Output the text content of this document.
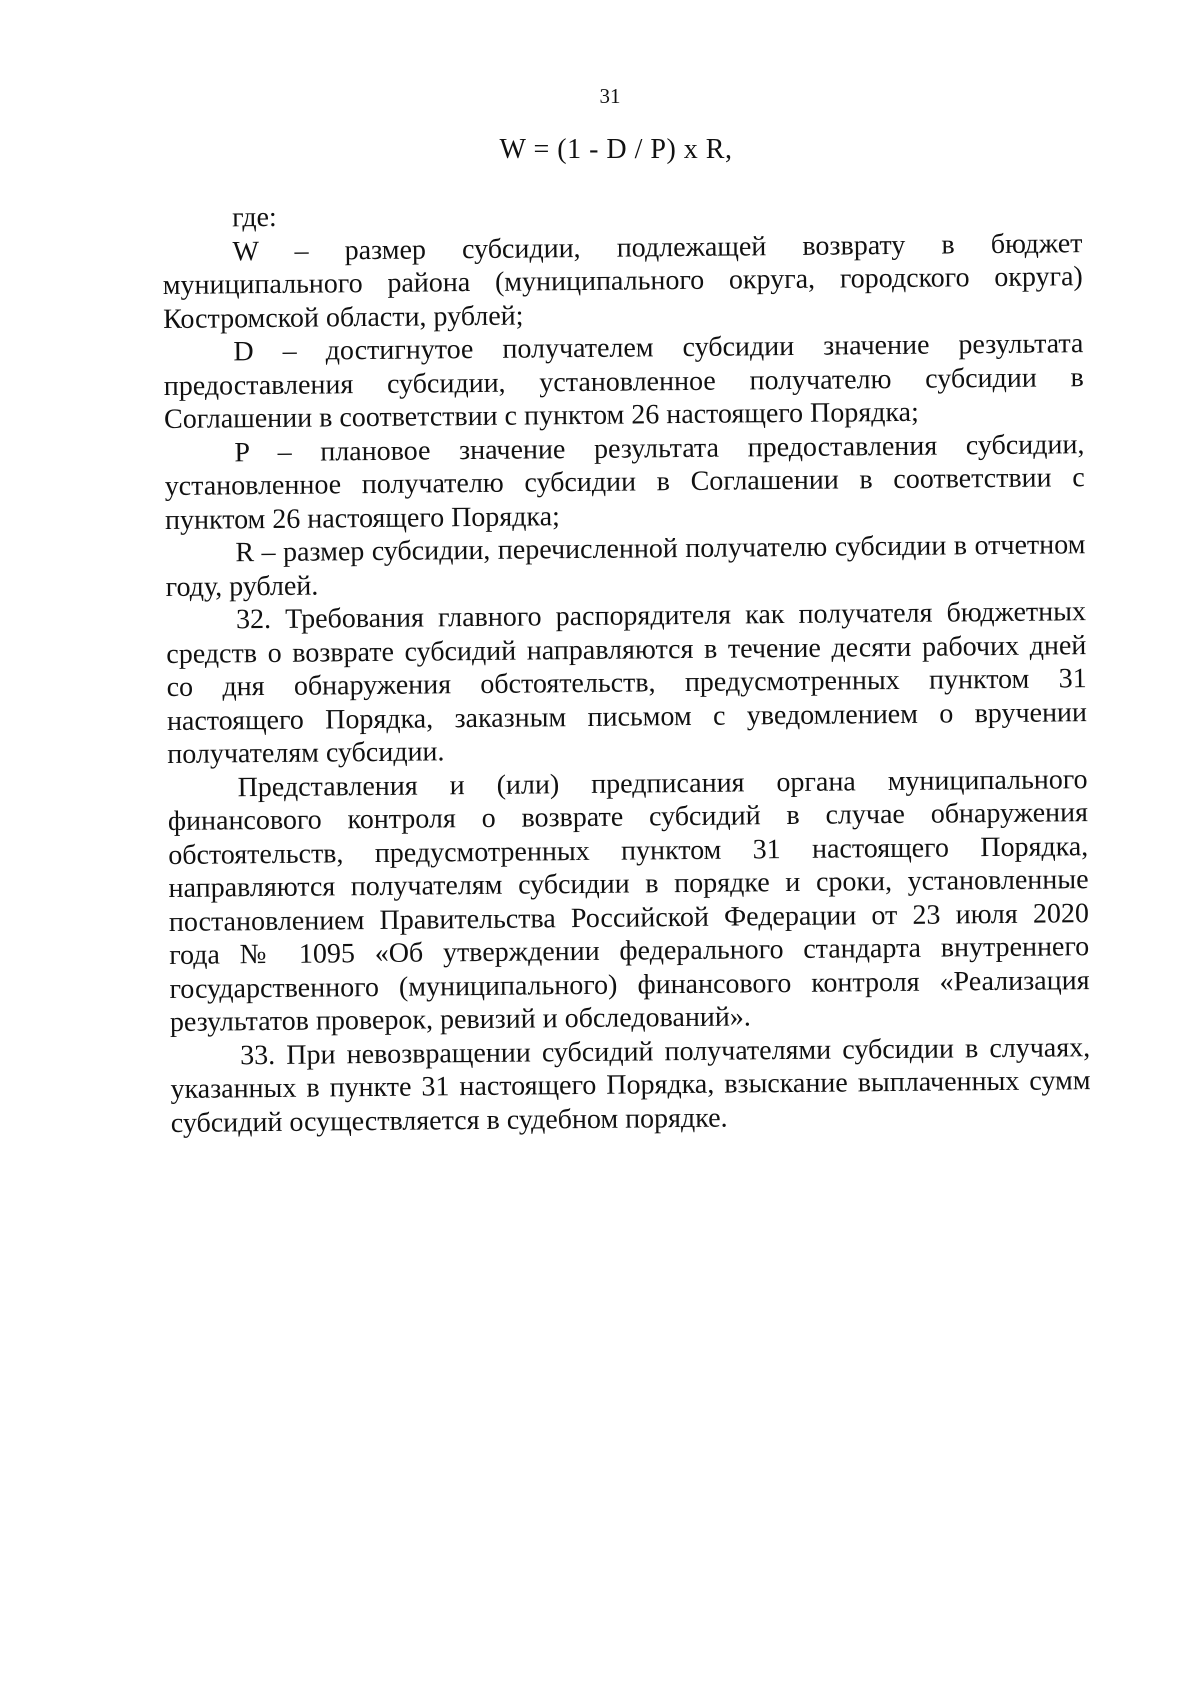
31
W = (1 - D / P) x R,

где:

W – размер субсидии, подлежащей возврату в бюджет муниципального района (муниципального округа, городского округа) Костромской области, рублей;

D – достигнутое получателем субсидии значение результата предоставления субсидии, установленное получателю субсидии в Соглашении в соответствии с пунктом 26 настоящего Порядка;

P – плановое значение результата предоставления субсидии, установленное получателю субсидии в Соглашении в соответствии с пунктом 26 настоящего Порядка;

R – размер субсидии, перечисленной получателю субсидии в отчетном году, рублей.

32. Требования главного распорядителя как получателя бюджетных средств о возврате субсидий направляются в течение десяти рабочих дней со дня обнаружения обстоятельств, предусмотренных пунктом 31 настоящего Порядка, заказным письмом с уведомлением о вручении получателям субсидии.

Представления и (или) предписания органа муниципального финансового контроля о возврате субсидий в случае обнаружения обстоятельств, предусмотренных пунктом 31 настоящего Порядка, направляются получателям субсидии в порядке и сроки, установленные постановлением Правительства Российской Федерации от 23 июля 2020 года № 1095 «Об утверждении федерального стандарта внутреннего государственного (муниципального) финансового контроля «Реализация результатов проверок, ревизий и обследований».

33. При невозвращении субсидий получателями субсидии в случаях, указанных в пункте 31 настоящего Порядка, взыскание выплаченных сумм субсидий осуществляется в судебном порядке.
